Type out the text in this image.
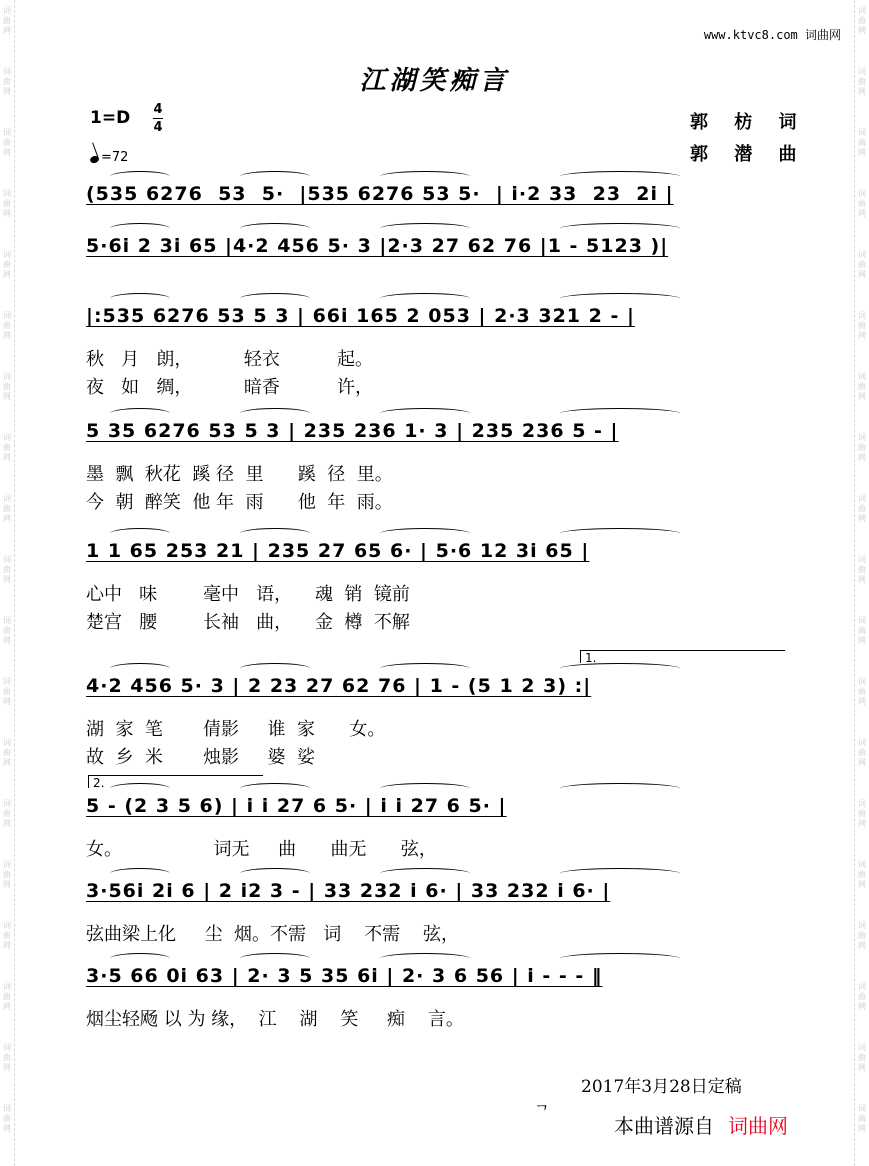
词
曲
网
词
曲
网
词
曲
网
词
曲
网
词
曲
网
词
曲
网
词
曲
网
词
曲
网
词
曲
网
词
曲
网
词
曲
网
词
曲
网
词
曲
网
词
曲
网
词
曲
网
词
曲
网
词
曲
网
词
曲
网
词
曲
网
词
曲
网
词
曲
网
词
曲
网
词
曲
网
词
曲
网
词
曲
网
词
曲
网
词
曲
网
词
曲
网
词
曲
网
词
曲
网
词
曲
网
词
曲
网
词
曲
网
词
曲
网
词
曲
网
词
曲
网
词
曲
网
词
曲
网
www.ktvc8.com 词曲网
江湖笑痴言
1=D 4
4
=72
郭 枋 词
郭 潜 曲
(535 6276  53  5·  |535 6276 53 5·  | i·2 33  23  2i |
5·6i 2 3i 65 |4·2 456 5· 3 |2·3 27 62 76 |1 - 5123 )|
|:535 6276 53 5 3 | 66i 165 2 053 | 2·3 321 2 - |
秋   月   朗，         轻衣          起。
夜   如   绸，         暗香          许，
5 35 6276 53 5 3 | 235 236 1· 3 | 235 236 5 - |
墨  飘  秋花  蹊 径  里      蹊  径  里。
今  朝  醉笑  他 年  雨      他  年  雨。
1 1 65 253 21 | 235 27 65 6· | 5·6 12 3i 65 |
心中   味        毫中   语，    魂  销  镜前
楚宫   腰        长袖   曲，    金  樽  不解
4·2 456 5· 3 | 2 23 27 62 76 | 1 - (5 1 2 3) :|
湖  家  笔       倩影     谁  家      女。
故  乡  米       烛影     婆  娑
5 - (2 3 5 6) | i i 27 6 5· | i i 27 6 5· |
女。                词无     曲      曲无      弦，
3·56i 2i 6 | 2 i2 3 - | 33 232 i 6· | 33 232 i 6· |
弦曲梁上化     尘  烟。不需   词    不需    弦，
3·5 66 0i 63 | 2· 3 5 35 6i | 2· 3 6 56 | i - - - ‖
烟尘轻飏 以 为 缘，  江    湖    笑     痴    言。
1.
2.
2017年3月28日定稿
ᄀ
本曲谱源自 词曲网
